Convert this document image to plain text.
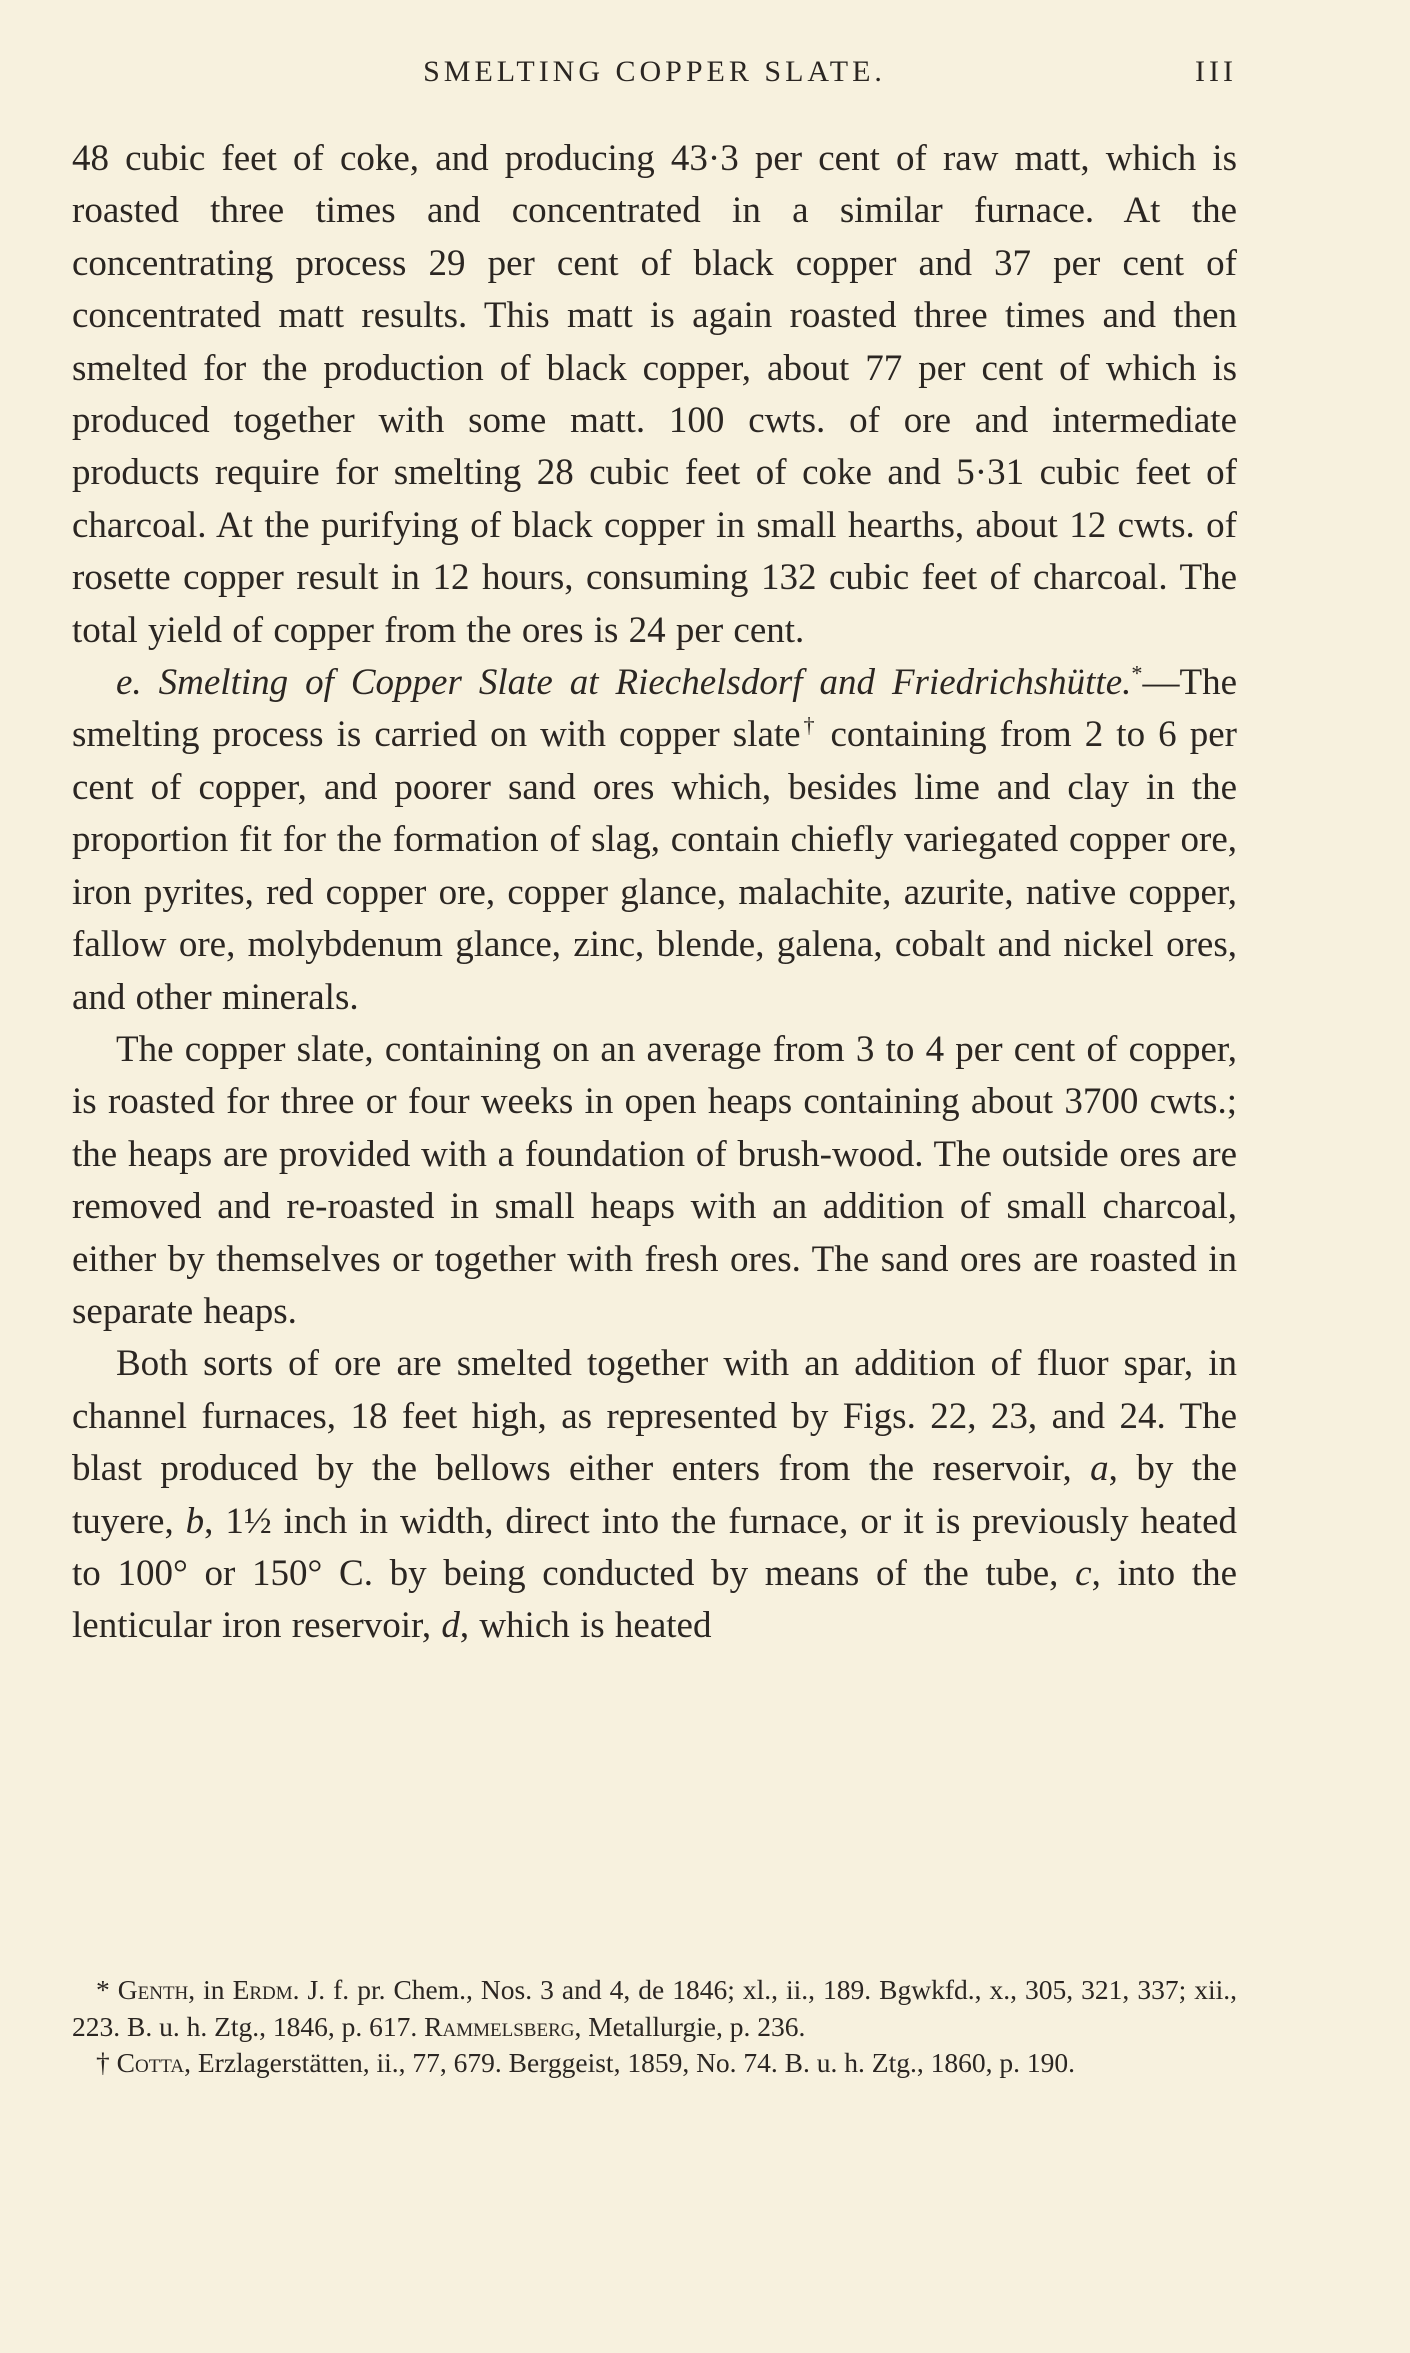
SMELTING COPPER SLATE.	III

48 cubic feet of coke, and producing 43·3 per cent of raw matt, which is roasted three times and concentrated in a similar furnace. At the concentrating process 29 per cent of black copper and 37 per cent of concentrated matt results. This matt is again roasted three times and then smelted for the production of black copper, about 77 per cent of which is produced together with some matt. 100 cwts. of ore and intermediate products require for smelting 28 cubic feet of coke and 5·31 cubic feet of charcoal. At the purifying of black copper in small hearths, about 12 cwts. of rosette copper result in 12 hours, consuming 132 cubic feet of charcoal. The total yield of copper from the ores is 24 per cent.

e. Smelting of Copper Slate at Riechelsdorf and Friedrichshütte.*—The smelting process is carried on with copper slate† containing from 2 to 6 per cent of copper, and poorer sand ores which, besides lime and clay in the proportion fit for the formation of slag, contain chiefly variegated copper ore, iron pyrites, red copper ore, copper glance, malachite, azurite, native copper, fallow ore, molybdenum glance, zinc, blende, galena, cobalt and nickel ores, and other minerals.

The copper slate, containing on an average from 3 to 4 per cent of copper, is roasted for three or four weeks in open heaps containing about 3700 cwts.; the heaps are provided with a foundation of brush-wood. The outside ores are removed and re-roasted in small heaps with an addition of small charcoal, either by themselves or together with fresh ores. The sand ores are roasted in separate heaps.

Both sorts of ore are smelted together with an addition of fluor spar, in channel furnaces, 18 feet high, as represented by Figs. 22, 23, and 24. The blast produced by the bellows either enters from the reservoir, a, by the tuyere, b, 1½ inch in width, direct into the furnace, or it is previously heated to 100° or 150° C. by being conducted by means of the tube, c, into the lenticular iron reservoir, d, which is heated

* Genth, in Erdm. J. f. pr. Chem., Nos. 3 and 4, de 1846; xl., ii., 189. Bgwkfd., x., 305, 321, 337; xii., 223. B. u. h. Ztg., 1846, p. 617. Rammelsberg, Metallurgie, p. 236.

† Cotta, Erzlagerstätten, ii., 77, 679. Berggeist, 1859, No. 74. B. u. h. Ztg., 1860, p. 190.
